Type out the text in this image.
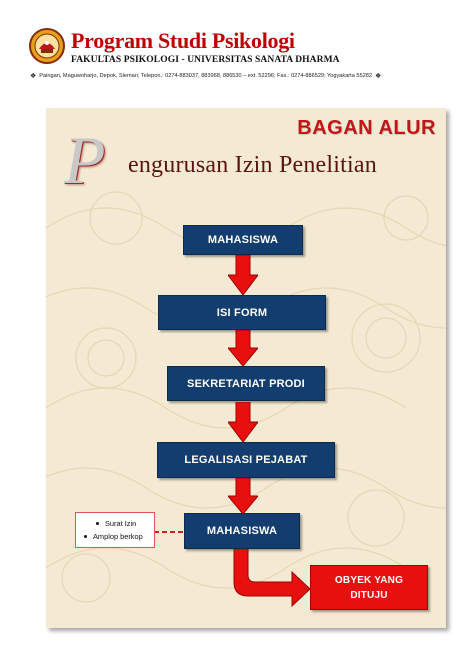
Program Studi Psikologi
FAKULTAS PSIKOLOGI - UNIVERSITAS SANATA DHARMA
❖ Paingan, Maguwoharjo, Depok, Sleman; Telepon.: 0274-883037, 883968, 886530 – ext. 52296; Fax.: 0274-886529; Yogyakarta 55282 ❖
BAGAN ALUR
P engurusan Izin Penelitian
MAHASISWA
ISI FORM
SEKRETARIAT PRODI
LEGALISASI PEJABAT
MAHASISWA
OBYEK YANG
DITUJU
Surat Izin
Amplop berkop
